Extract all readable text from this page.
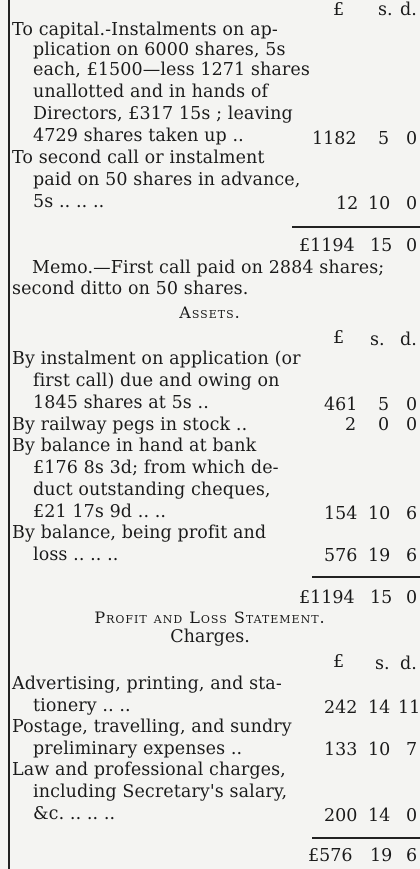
£ s. d.
To capital.-Instalments on ap-
plication on 6000 shares, 5s
each, £1500—less 1271 shares
unallotted and in hands of
Directors, £317 15s ; leaving
4729 shares taken up ..	1182 5 0
To second call or instalment
paid on 50 shares in advance,
5s .. .. ..	12 10 0
£1194 15 0
Memo.—First call paid on 2884 shares;
second ditto on 50 shares.
Assets.
£ s. d.
By instalment on application (or
first call) due and owing on
1845 shares at 5s ..	461 5 0
By railway pegs in stock ..	2 0 0
By balance in hand at bank
£176 8s 3d; from which de-
duct outstanding cheques,
£21 17s 9d .. ..	154 10 6
By balance, being profit and
loss .. .. ..	576 19 6
£1194 15 0
Profit and Loss Statement.
Charges.
£ s. d.
Advertising, printing, and sta-
tionery .. ..	242 14 11
Postage, travelling, and sundry
preliminary expenses ..	133 10 7
Law and professional charges,
including Secretary's salary,
&c. .. .. ..	200 14 0
£576 19 6
